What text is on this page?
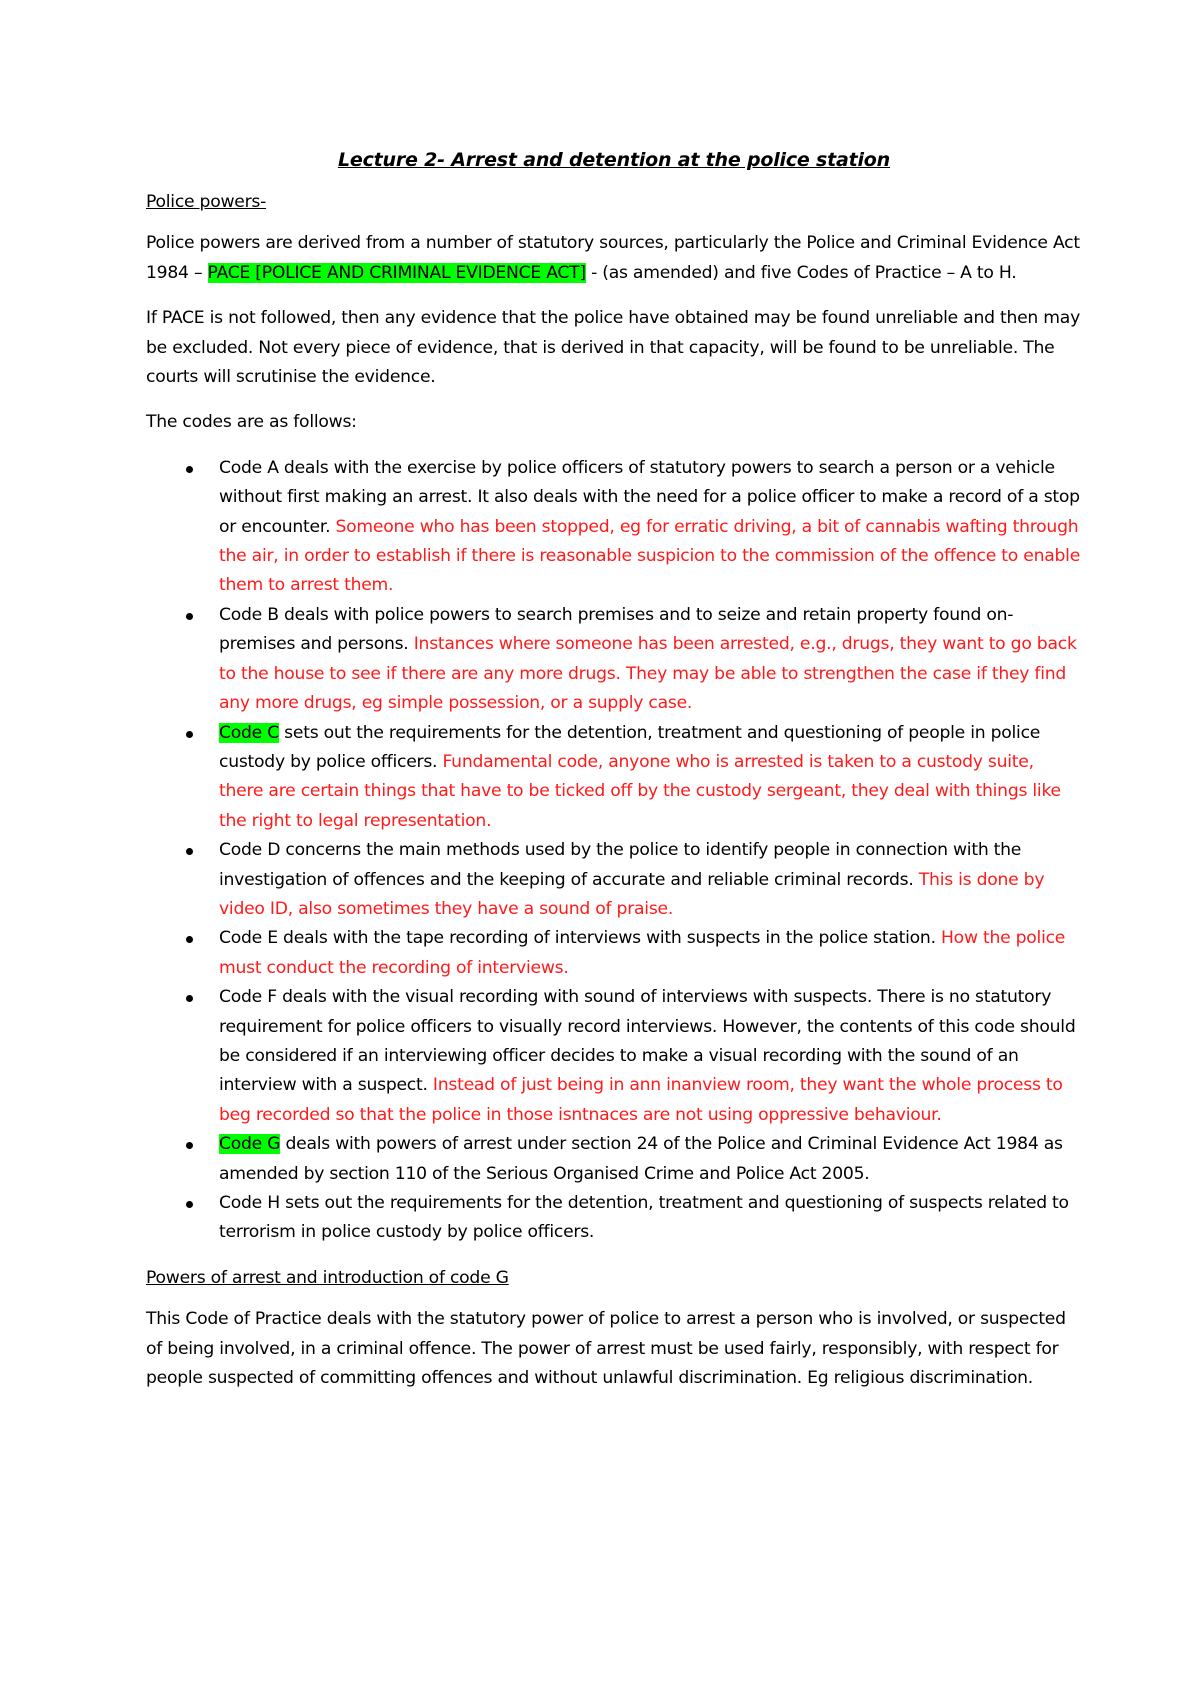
Lecture 2- Arrest and detention at the police station

Police powers-

Police powers are derived from a number of statutory sources, particularly the Police and Criminal Evidence Act 1984 – PACE [POLICE AND CRIMINAL EVIDENCE ACT] - (as amended) and five Codes of Practice – A to H.

If PACE is not followed, then any evidence that the police have obtained may be found unreliable and then may be excluded. Not every piece of evidence, that is derived in that capacity, will be found to be unreliable. The courts will scrutinise the evidence.

The codes are as follows:

Code A deals with the exercise by police officers of statutory powers to search a person or a vehicle without first making an arrest. It also deals with the need for a police officer to make a record of a stop or encounter. Someone who has been stopped, eg for erratic driving, a bit of cannabis wafting through the air, in order to establish if there is reasonable suspicion to the commission of the offence to enable them to arrest them.
Code B deals with police powers to search premises and to seize and retain property found on-premises and persons. Instances where someone has been arrested, e.g., drugs, they want to go back to the house to see if there are any more drugs. They may be able to strengthen the case if they find any more drugs, eg simple possession, or a supply case.
Code C sets out the requirements for the detention, treatment and questioning of people in police custody by police officers. Fundamental code, anyone who is arrested is taken to a custody suite, there are certain things that have to be ticked off by the custody sergeant, they deal with things like the right to legal representation.
Code D concerns the main methods used by the police to identify people in connection with the investigation of offences and the keeping of accurate and reliable criminal records. This is done by video ID, also sometimes they have a sound of praise.
Code E deals with the tape recording of interviews with suspects in the police station. How the police must conduct the recording of interviews.
Code F deals with the visual recording with sound of interviews with suspects. There is no statutory requirement for police officers to visually record interviews. However, the contents of this code should be considered if an interviewing officer decides to make a visual recording with the sound of an interview with a suspect. Instead of just being in ann inanview room, they want the whole process to beg recorded so that the police in those isntnaces are not using oppressive behaviour.
Code G deals with powers of arrest under section 24 of the Police and Criminal Evidence Act 1984 as amended by section 110 of the Serious Organised Crime and Police Act 2005.
Code H sets out the requirements for the detention, treatment and questioning of suspects related to terrorism in police custody by police officers.

Powers of arrest and introduction of code G

This Code of Practice deals with the statutory power of police to arrest a person who is involved, or suspected of being involved, in a criminal offence. The power of arrest must be used fairly, responsibly, with respect for people suspected of committing offences and without unlawful discrimination. Eg religious discrimination.
